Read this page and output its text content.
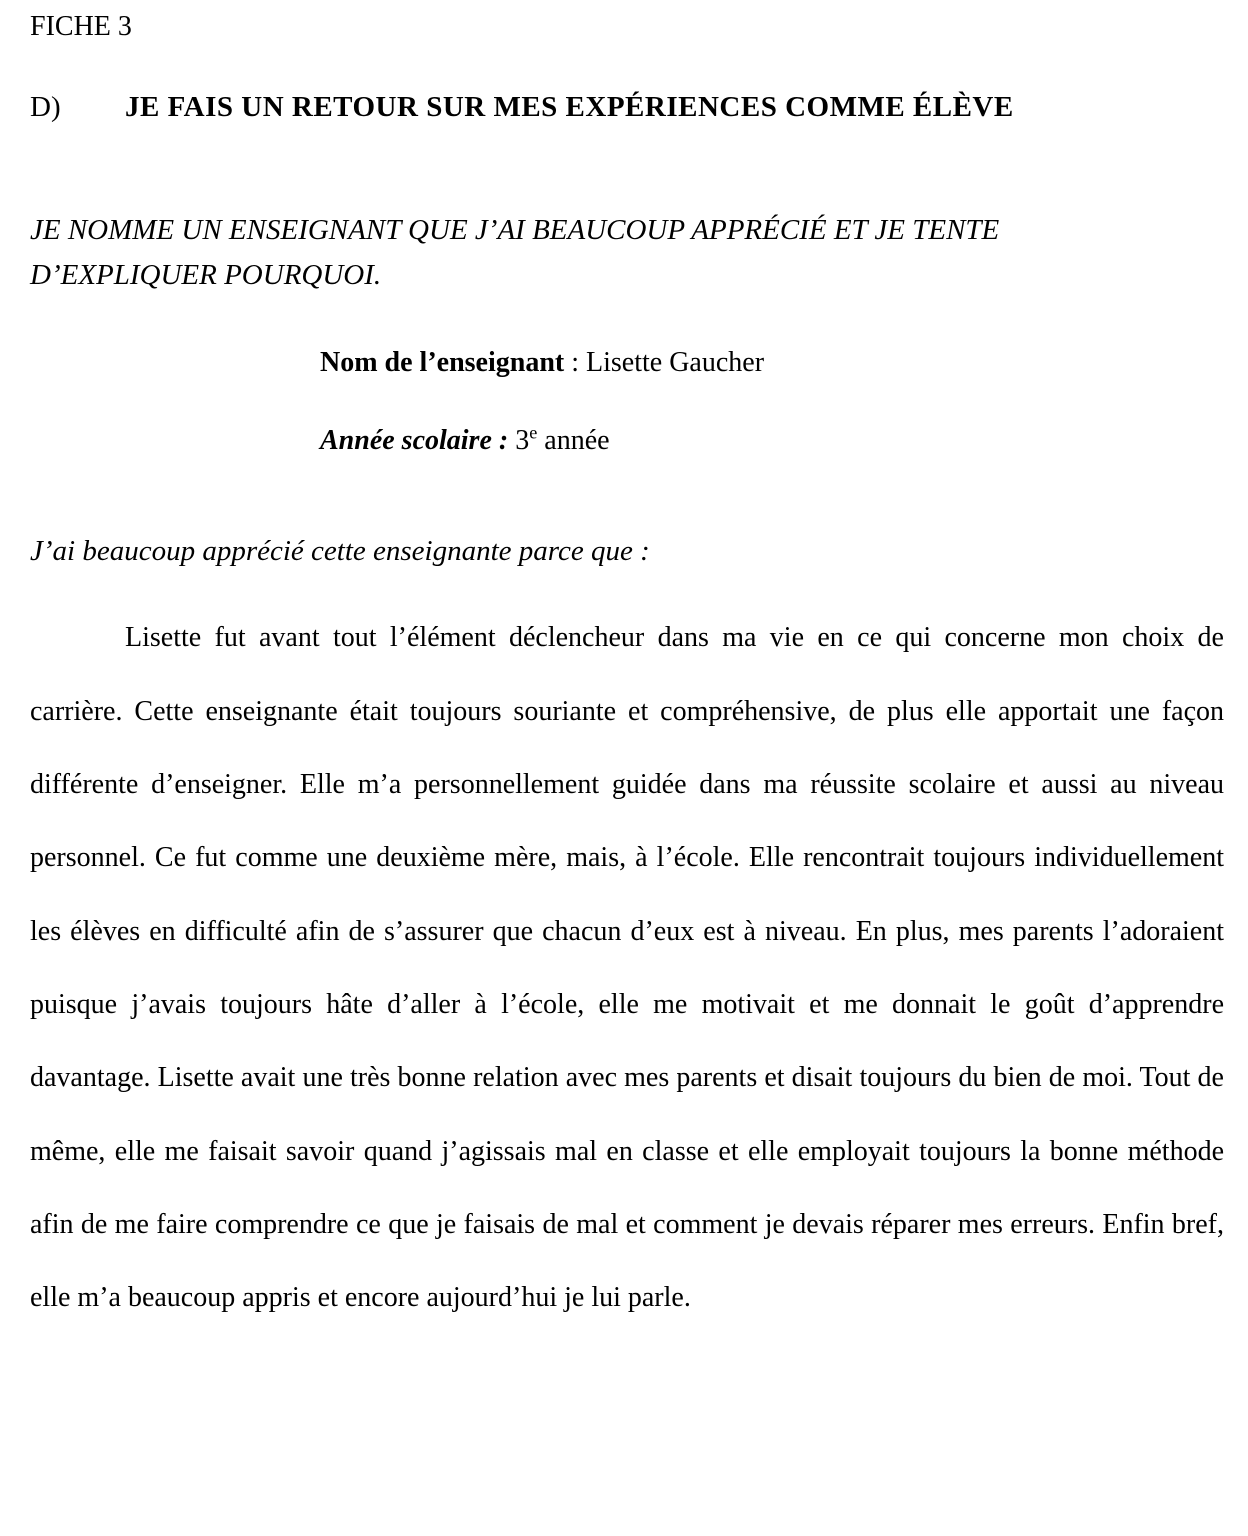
FICHE 3
D) JE FAIS UN RETOUR SUR MES EXPÉRIENCES COMME ÉLÈVE

JE NOMME UN ENSEIGNANT QUE J’AI BEAUCOUP APPRÉCIÉ ET JE TENTE D’EXPLIQUER POURQUOI.

Nom de l’enseignant : Lisette Gaucher
Année scolaire : 3e année

J’ai beaucoup apprécié cette enseignante parce que :

Lisette fut avant tout l’élément déclencheur dans ma vie en ce qui concerne mon choix de carrière. Cette enseignante était toujours souriante et compréhensive, de plus elle apportait une façon différente d’enseigner. Elle m’a personnellement guidée dans ma réussite scolaire et aussi au niveau personnel. Ce fut comme une deuxième mère, mais, à l’école. Elle rencontrait toujours individuellement les élèves en difficulté afin de s’assurer que chacun d’eux est à niveau. En plus, mes parents l’adoraient puisque j’avais toujours hâte d’aller à l’école, elle me motivait et me donnait le goût d’apprendre davantage. Lisette avait une très bonne relation avec mes parents et disait toujours du bien de moi. Tout de même, elle me faisait savoir quand j’agissais mal en classe et elle employait toujours la bonne méthode afin de me faire comprendre ce que je faisais de mal et comment je devais réparer mes erreurs. Enfin bref, elle m’a beaucoup appris et encore aujourd’hui je lui parle.
